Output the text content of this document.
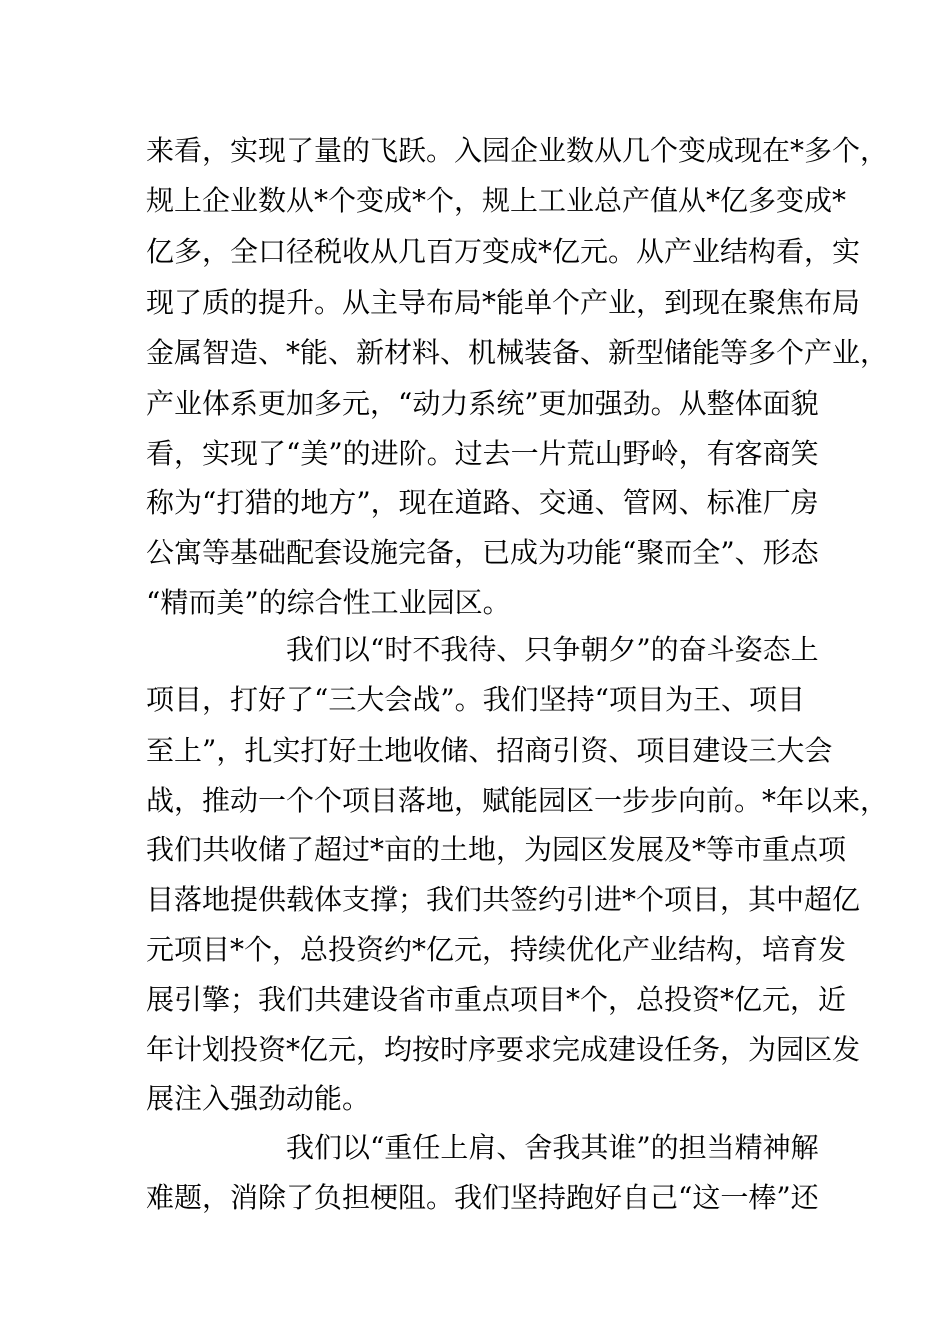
来看，实现了量的飞跃。入园企业数从几个变成现在*多个，
规上企业数从*个变成*个，规上工业总产值从*亿多变成*
亿多，全口径税收从几百万变成*亿元。从产业结构看，实
现了质的提升。从主导布局*能单个产业，到现在聚焦布局
金属智造、*能、新材料、机械装备、新型储能等多个产业，
产业体系更加多元，“动力系统”更加强劲。从整体面貌
看，实现了“美”的进阶。过去一片荒山野岭，有客商笑
称为“打猎的地方”，现在道路、交通、管网、标准厂房
公寓等基础配套设施完备，已成为功能“聚而全”、形态
“精而美”的综合性工业园区。
我们以“时不我待、只争朝夕”的奋斗姿态上
项目，打好了“三大会战”。我们坚持“项目为王、项目
至上”，扎实打好土地收储、招商引资、项目建设三大会
战，推动一个个项目落地，赋能园区一步步向前。*年以来，
我们共收储了超过*亩的土地，为园区发展及*等市重点项
目落地提供载体支撑；我们共签约引进*个项目，其中超亿
元项目*个，总投资约*亿元，持续优化产业结构，培育发
展引擎；我们共建设省市重点项目*个，总投资*亿元，近
年计划投资*亿元，均按时序要求完成建设任务，为园区发
展注入强劲动能。
我们以“重任上肩、舍我其谁”的担当精神解
难题，消除了负担梗阻。我们坚持跑好自己“这一棒”还
